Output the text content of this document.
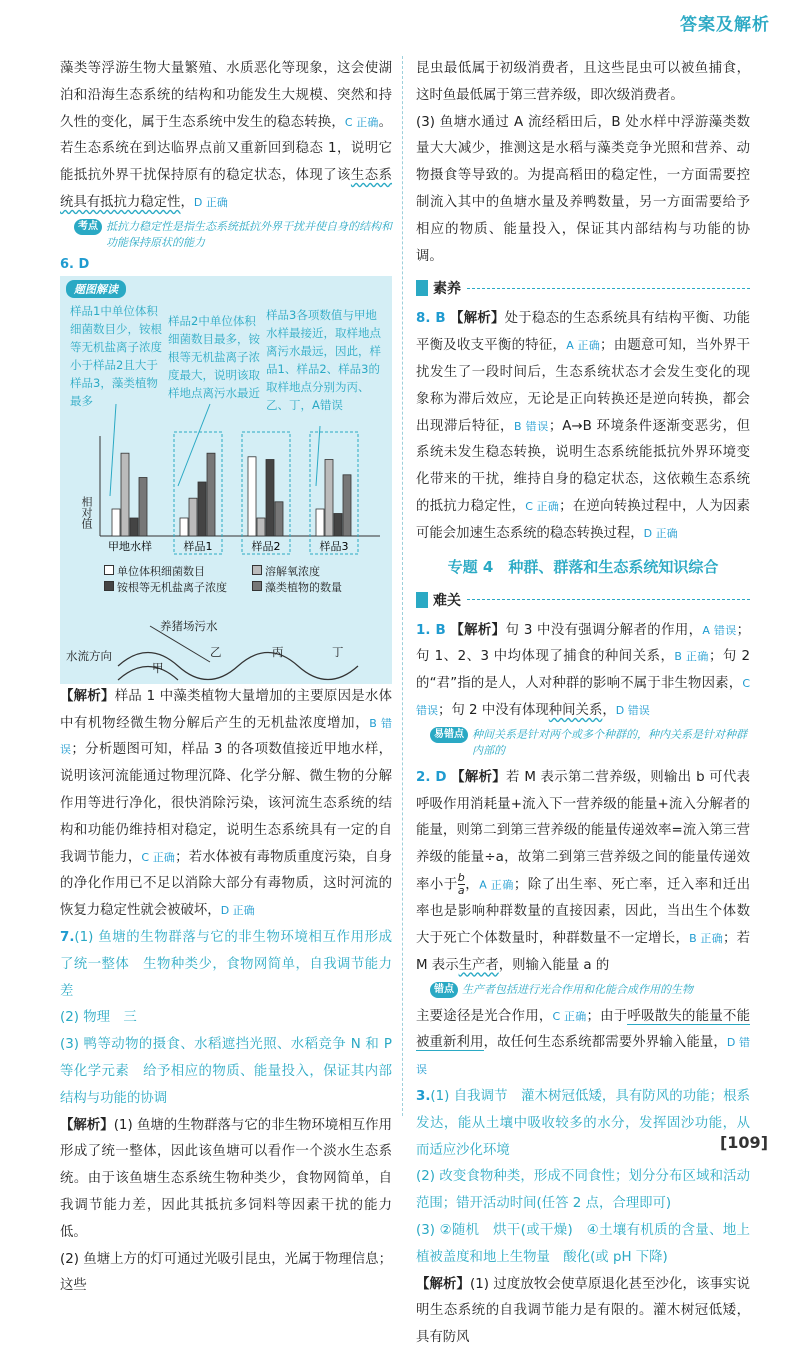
答案及解析

藻类等浮游生物大量繁殖、水质恶化等现象，这会使湖泊和沿海生态系统的结构和功能发生大规模、突然和持久性的变化，属于生态系统中发生的稳态转换，C 正确。若生态系统在到达临界点前又重新回到稳态 1，说明它能抵抗外界干扰保持原有的稳定状态，体现了该生态系统具有抵抗力稳定性，D 正确

考点 抵抗力稳定性是指生态系统抵抗外界干扰并使自身的结构和功能保持原状的能力
6. D
题图解读
样品1中单位体积细菌数目少，铵根等无机盐离子浓度小于样品2且大于样品3，藻类植物最多
样品2中单位体积细菌数目最多，铵根等无机盐离子浓度最大，说明该取样地点离污水最近
样品3各项数值与甲地水样最接近，取样地点离污水最远，因此，样品1、样品2、样品3的取样地点分别为丙、乙、丁，A错误
甲地水样	样品1	样品2	样品3
相对值
单位体积细菌数目	溶解氧浓度
铵根等无机盐离子浓度	藻类植物的数量
养猪场污水
水流方向
甲
乙	丙	丁

【解析】样品 1 中藻类植物大量增加的主要原因是水体中有机物经微生物分解后产生的无机盐浓度增加，B 错误；分析题图可知，样品 3 的各项数值接近甲地水样，说明该河流能通过物理沉降、化学分解、微生物的分解作用等进行净化，很快消除污染，该河流生态系统的结构和功能仍维持相对稳定，说明生态系统具有一定的自我调节能力，C 正确；若水体被有毒物质重度污染，自身的净化作用已不足以消除大部分有毒物质，这时河流的恢复力稳定性就会被破坏，D 正确

7.(1) 鱼塘的生物群落与它的非生物环境相互作用形成了统一整体　生物种类少，食物网简单，自我调节能力差
(2) 物理　三
(3) 鸭等动物的摄食、水稻遮挡光照、水稻竞争 N 和 P 等化学元素　给予相应的物质、能量投入，保证其内部结构与功能的协调

【解析】(1) 鱼塘的生物群落与它的非生物环境相互作用形成了统一整体，因此该鱼塘可以看作一个淡水生态系统。由于该鱼塘生态系统生物种类少，食物网简单，自我调节能力差，因此其抵抗多饲料等因素干扰的能力低。

(2) 鱼塘上方的灯可通过光吸引昆虫，光属于物理信息；这些

昆虫最低属于初级消费者，且这些昆虫可以被鱼捕食，这时鱼最低属于第三营养级，即次级消费者。

(3) 鱼塘水通过 A 流经稻田后，B 处水样中浮游藻类数量大大减少，推测这是水稻与藻类竞争光照和营养、动物摄食等导致的。为提高稻田的稳定性，一方面需要控制流入其中的鱼塘水量及养鸭数量，另一方面需要给予相应的物质、能量投入，保证其内部结构与功能的协调。

素养

8. B 【解析】处于稳态的生态系统具有结构平衡、功能平衡及收支平衡的特征，A 正确；由题意可知，当外界干扰发生了一段时间后，生态系统状态才会发生变化的现象称为滞后效应，无论是正向转换还是逆向转换，都会出现滞后特征，B 错误；A→B 环境条件逐渐变恶劣，但系统未发生稳态转换，说明生态系统能抵抗外界环境变化带来的干扰，维持自身的稳定状态，这依赖生态系统的抵抗力稳定性，C 正确；在逆向转换过程中，人为因素可能会加速生态系统的稳态转换过程，D 正确

专题 4　种群、群落和生态系统知识综合
难关

1. B 【解析】句 3 中没有强调分解者的作用，A 错误；句 1、2、3 中均体现了捕食的种间关系，B 正确；句 2 的“君”指的是人，人对种群的影响不属于非生物因素，C 错误；句 2 中没有体现种间关系，D 错误

易错点 种间关系是针对两个或多个种群的，种内关系是针对种群内部的

2. D 【解析】若 M 表示第二营养级，则输出 b 可代表呼吸作用消耗量+流入下一营养级的能量+流入分解者的能量，则第二到第三营养级的能量传递效率=流入第三营养级的能量÷a，故第二到第三营养级之间的能量传递效率小于 $\frac{b}{a}$ ，A 正确；除了出生率、死亡率，迁入率和迁出率也是影响种群数量的直接因素，因此，当出生个体数大于死亡个体数量时，种群数量不一定增长，B 正确；若 M 表示生产者，则输入能量 a 的

错点 生产者包括进行光合作用和化能合成作用的生物

主要途径是光合作用，C 正确；由于呼吸散失的能量不能被重新利用，故任何生态系统都需要外界输入能量，D 错误

3.(1) 自我调节　灌木树冠低矮，具有防风的功能；根系发达，能从土壤中吸收较多的水分，发挥固沙功能，从而适应沙化环境
(2) 改变食物种类，形成不同食性；划分分布区域和活动范围；错开活动时间(任答 2 点，合理即可)
(3) ②随机　烘干(或干燥)　④土壤有机质的含量、地上植被盖度和地上生物量　酸化(或 pH 下降)

【解析】(1) 过度放牧会使草原退化甚至沙化，该事实说明生态系统的自我调节能力是有限的。灌木树冠低矮，具有防风

[109]
